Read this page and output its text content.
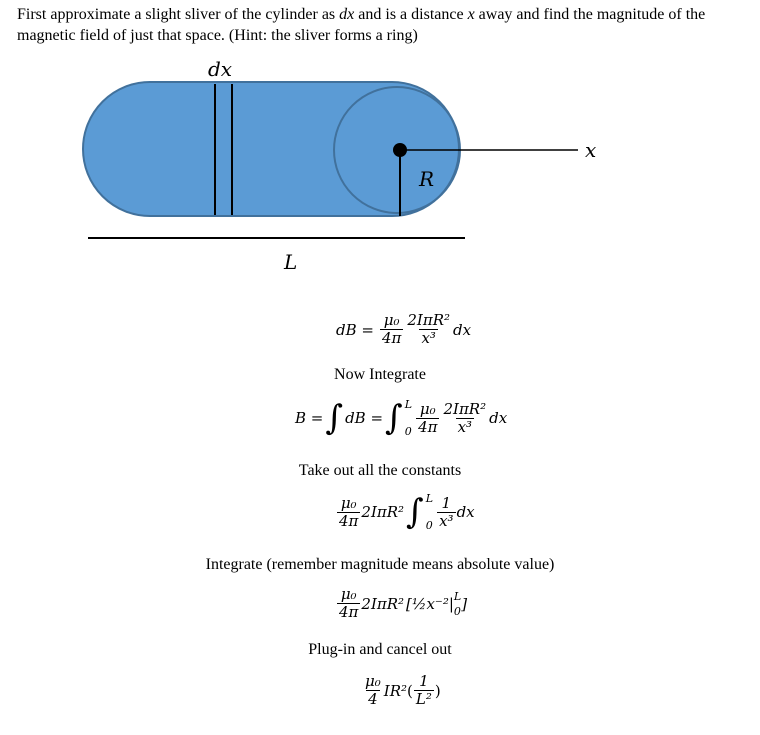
First approximate a slight sliver of the cylinder as dx and is a distance x away and find the magnitude of the magnetic field of just that space. (Hint: the sliver forms a ring)
dx
x
R
L
dB = $\frac{\text{μ₀}}{4\pi} \frac{\text{2IπR²}}{\text{x³}}$ dx
Now Integrate
B = ∫ dB = ∫ L
$0 \frac{\text{μ₀}}{4\pi} \frac{\text{2IπR²}}{\text{x³}}$ dx
Take out all the constants
$\frac{\text{μ₀}}{4\pi} 2I\pi R^2$ ∫ L
$0 \frac{1}{\text{x³}}$ dx
Integrate (remember magnitude means absolute value)
$\frac{\text{μ₀}}{4\pi} 2I\pi R^2$ [½x⁻²| L
0 ]
Plug-in and cancel out
$\frac{\text{μ₀}}{4} IR^2$ ( $\frac{1}{\text{L²}}$ )
